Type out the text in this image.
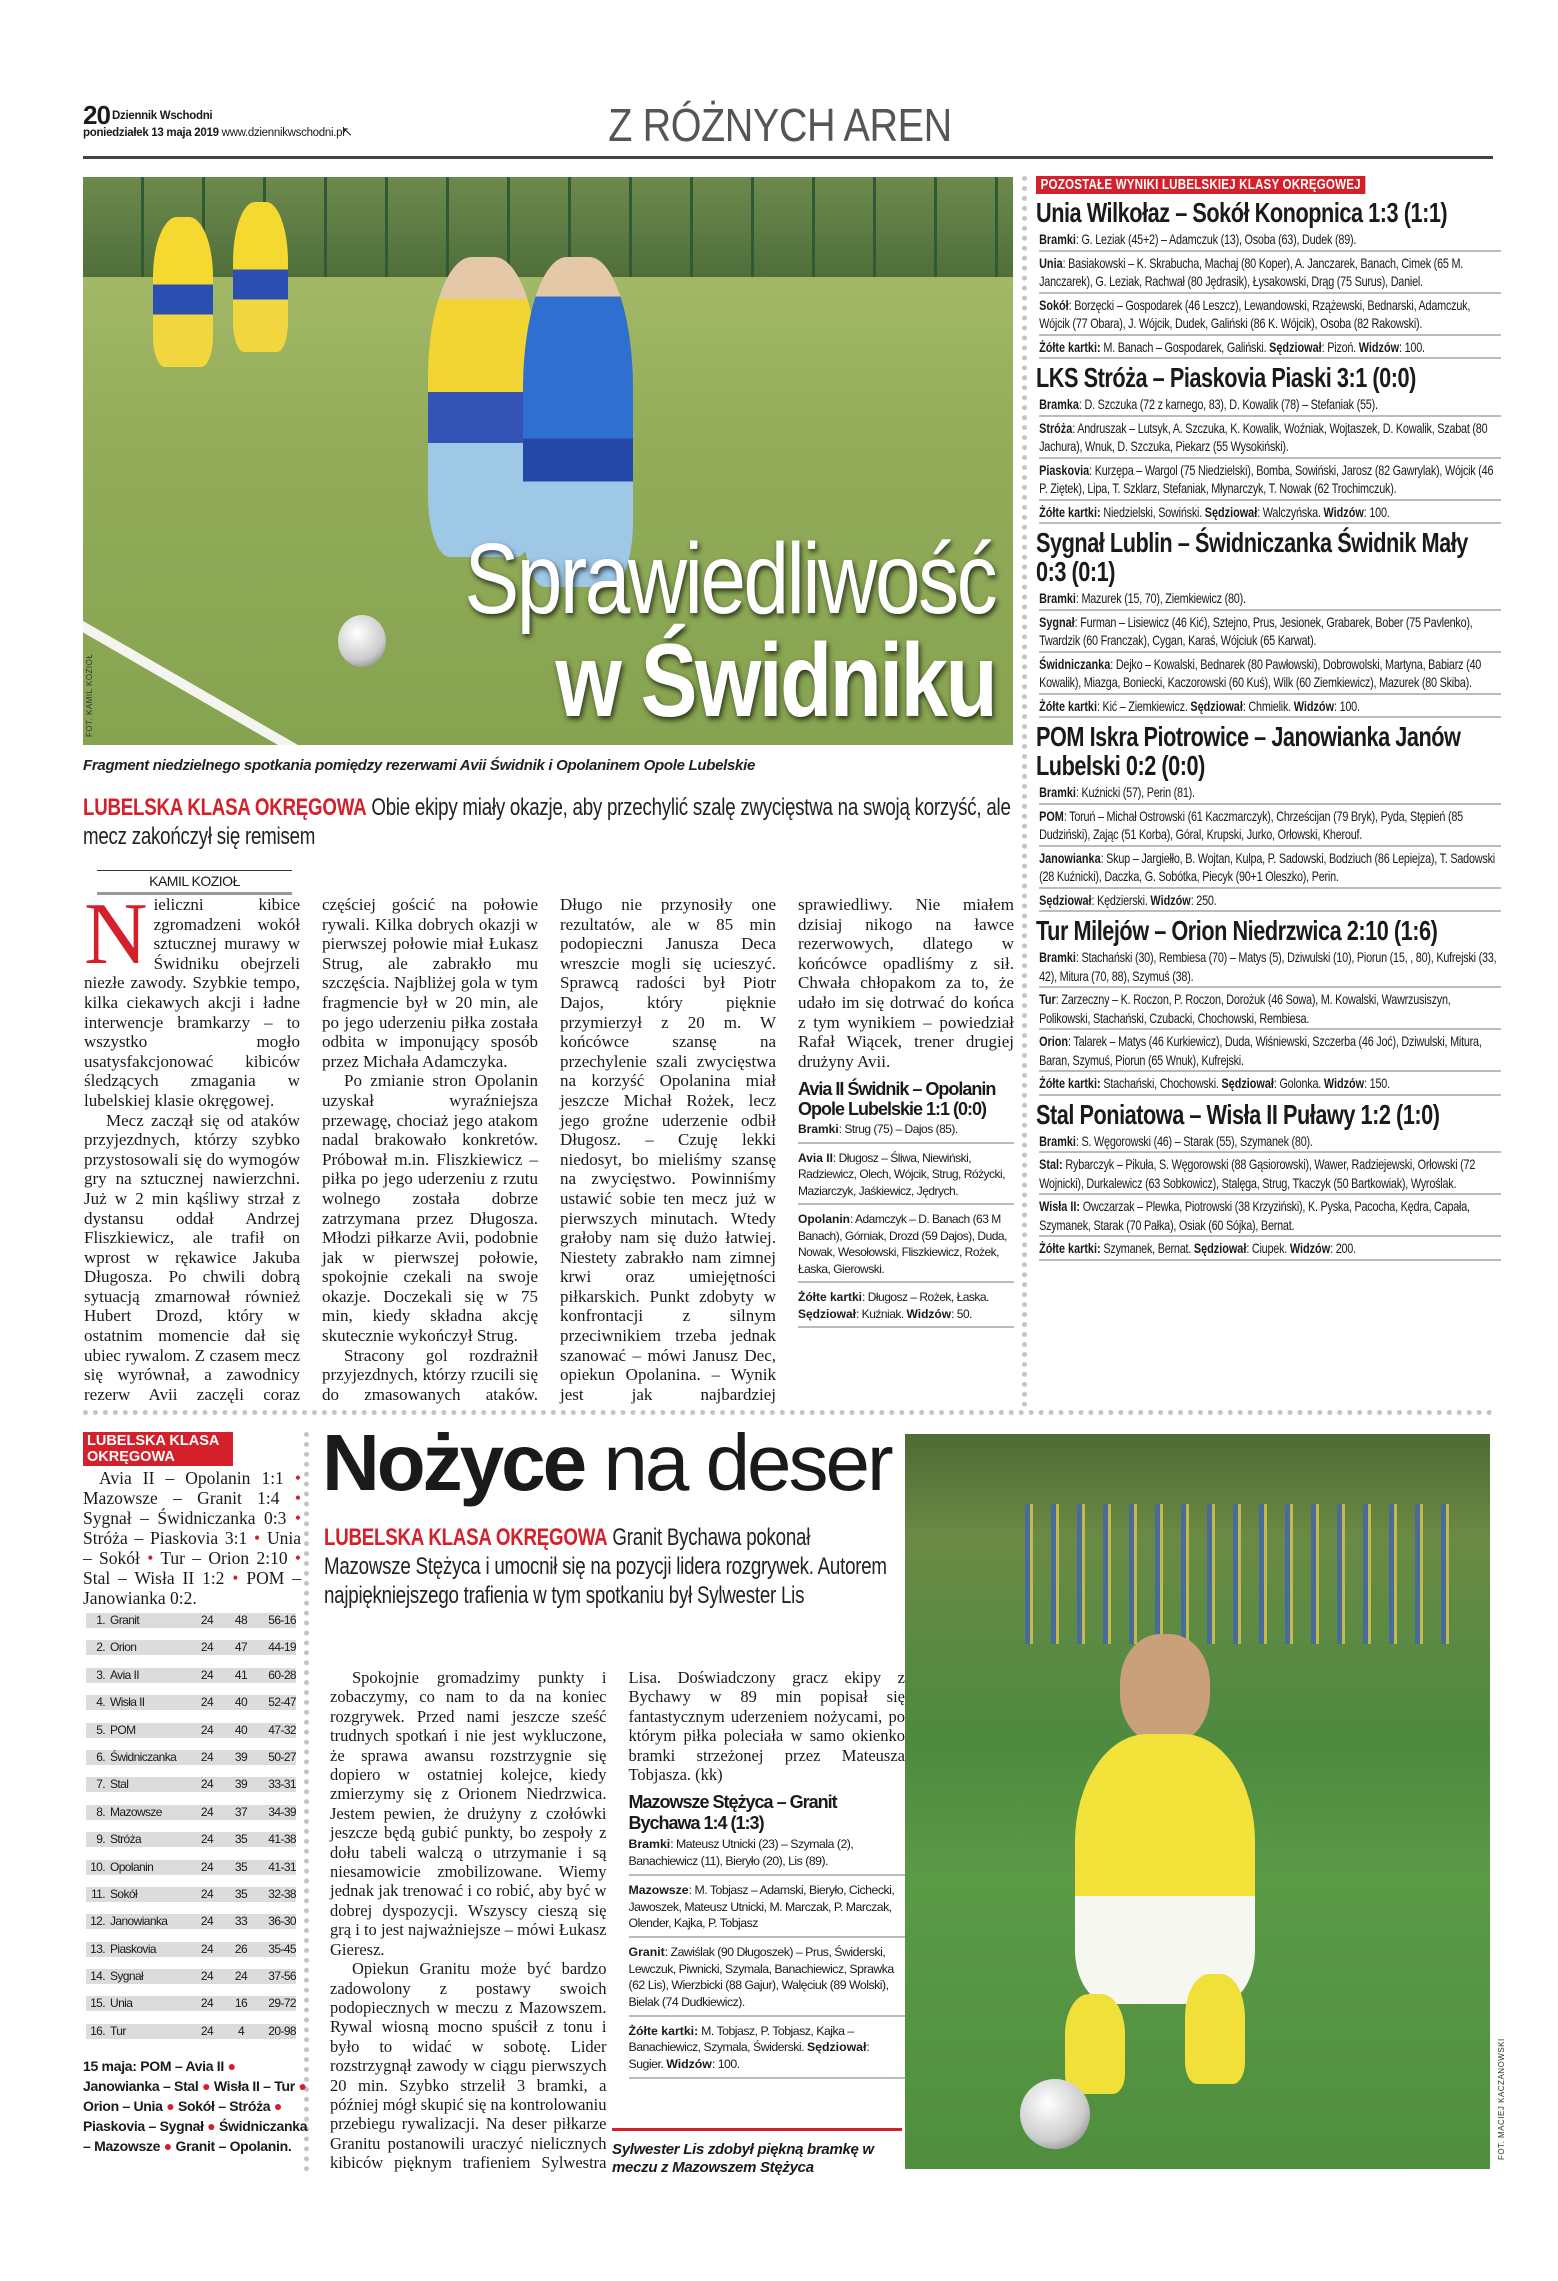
20 Dziennik Wschodni
poniedziałek 13 maja 2019 www.dziennikwschodni.pl
↖	Z RÓŻNYCH AREN
Sprawiedliwość
w Świdniku
FOT. KAMIL KOZIOŁ
Fragment niedzielnego spotkania pomiędzy rezerwami Avii Świdnik i Opolaninem Opole Lubelskie
LUBELSKA KLASA OKRĘGOWA Obie ekipy miały okazje, aby przechylić szalę zwycięstwa na swoją korzyść, ale mecz zakończył się remisem
KAMIL KOZIOŁ

Nieliczni kibice zgromadzeni wokół sztucznej murawy w Świdniku obejrzeli niezłe zawody. Szybkie tempo, kilka ciekawych akcji i ładne interwencje bramkarzy – to wszystko mogło usatysfakcjonować kibiców śledzących zmagania w lubelskiej klasie okręgowej.

Mecz zaczął się od ataków przyjezdnych, którzy szybko przystosowali się do wymogów gry na sztucznej nawierzchni. Już w 2 min kąśliwy strzał z dystansu oddał Andrzej Fliszkiewicz, ale trafił on wprost w rękawice Jakuba Długosza. Po chwili dobrą sytuacją zmarnował również Hubert Drozd, który w ostatnim momencie dał się ubiec rywalom. Z czasem mecz się wyrównał, a zawodnicy rezerw Avii zaczęli coraz częściej gościć na połowie rywali. Kilka dobrych okazji w pierwszej połowie miał Łukasz Strug, ale zabrakło mu szczęścia. Najbliżej gola w tym fragmencie był w 20 min, ale po jego uderzeniu piłka została odbita w imponujący sposób przez Michała Adamczyka.

Po zmianie stron Opolanin uzyskał wyraźniejsza przewagę, chociaż jego atakom nadal brakowało konkretów. Próbował m.in. Fliszkiewicz – piłka po jego uderzeniu z rzutu wolnego została dobrze zatrzymana przez Długosza. Młodzi piłkarze Avii, podobnie jak w pierwszej połowie, spokojnie czekali na swoje okazje. Doczekali się w 75 min, kiedy składna akcję skutecznie wykończył Strug.

Stracony gol rozdrażnił przyjezdnych, którzy rzucili się do zmasowanych ataków. Długo nie przynosiły one rezultatów, ale w 85 min podopieczni Janusza Deca wreszcie mogli się ucieszyć. Sprawcą radości był Piotr Dajos, który pięknie przymierzył z 20 m. W końcówce szansę na przechylenie szali zwycięstwa na korzyść Opolanina miał jeszcze Michał Rożek, lecz jego groźne uderzenie odbił Długosz. – Czuję lekki niedosyt, bo mieliśmy szansę na zwycięstwo. Powinniśmy ustawić sobie ten mecz już w pierwszych minutach. Wtedy grałoby nam się dużo łatwiej. Niestety zabrakło nam zimnej krwi oraz umiejętności piłkarskich. Punkt zdobyty w konfrontacji z silnym przeciwnikiem trzeba jednak szanować – mówi Janusz Dec, opiekun Opolanina. – Wynik jest jak najbardziej sprawiedliwy. Nie miałem dzisiaj nikogo na ławce rezerwowych, dlatego w końcówce opadliśmy z sił. Chwała chłopakom za to, że udało im się dotrwać do końca z tym wynikiem – powiedział Rafał Wiącek, trener drugiej drużyny Avii.

Avia II Świdnik – Opolanin Opole Lubelskie 1:1 (0:0)
Bramki: Strug (75) – Dajos (85).
Avia II: Długosz – Śliwa, Niewiński, Radziewicz, Olech, Wójcik, Strug, Różycki, Maziarczyk, Jaśkiewicz, Jędrych.
Opolanin: Adamczyk – D. Banach (63 M Banach), Górniak, Drozd (59 Dajos), Duda, Nowak, Wesołowski, Fliszkiewicz, Rożek, Łaska, Gierowski.
Żółte kartki: Długosz – Rożek, Łaska. Sędziował: Kuźniak. Widzów: 50.
POZOSTAŁE WYNIKI LUBELSKIEJ KLASY OKRĘGOWEJ
Unia Wilkołaz – Sokół Konopnica 1:3 (1:1)
Bramki: G. Leziak (45+2) – Adamczuk (13), Osoba (63), Dudek (89).
Unia: Basiakowski – K. Skrabucha, Machaj (80 Koper), A. Janczarek, Banach, Cimek (65 M. Janczarek), G. Leziak, Rachwał (80 Jędrasik), Łysakowski, Drąg (75 Surus), Daniel.
Sokół: Borzęcki – Gospodarek (46 Leszcz), Lewandowski, Rzążewski, Bednarski, Adamczuk, Wójcik (77 Obara), J. Wójcik, Dudek, Galiński (86 K. Wójcik), Osoba (82 Rakowski).
Żółte kartki: M. Banach – Gospodarek, Galiński. Sędziował: Pizoń. Widzów: 100.
LKS Stróża – Piaskovia Piaski 3:1 (0:0)
Bramka: D. Szczuka (72 z karnego, 83), D. Kowalik (78) – Stefaniak (55).
Stróża: Andruszak – Lutsyk, A. Szczuka, K. Kowalik, Woźniak, Wojtaszek, D. Kowalik, Szabat (80 Jachura), Wnuk, D. Szczuka, Piekarz (55 Wysokiński).
Piaskovia: Kurzępa – Wargol (75 Niedzielski), Bomba, Sowiński, Jarosz (82 Gawrylak), Wójcik (46 P. Ziętek), Lipa, T. Szklarz, Stefaniak, Młynarczyk, T. Nowak (62 Trochimczuk).
Żółte kartki: Niedzielski, Sowiński. Sędziował: Walczyńska. Widzów: 100.
Sygnał Lublin – Świdniczanka Świdnik Mały 0:3 (0:1)
Bramki: Mazurek (15, 70), Ziemkiewicz (80).
Sygnał: Furman – Lisiewicz (46 Kić), Sztejno, Prus, Jesionek, Grabarek, Bober (75 Pavlenko), Twardzik (60 Franczak), Cygan, Karaś, Wójciuk (65 Karwat).
Świdniczanka: Dejko – Kowalski, Bednarek (80 Pawłowski), Dobrowolski, Martyna, Babiarz (40 Kowalik), Miazga, Boniecki, Kaczorowski (60 Kuś), Wilk (60 Ziemkiewicz), Mazurek (80 Skiba).
Żółte kartki: Kić – Ziemkiewicz. Sędziował: Chmielik. Widzów: 100.
POM Iskra Piotrowice – Janowianka Janów Lubelski 0:2 (0:0)
Bramki: Kuźnicki (57), Perin (81).
POM: Toruń – Michał Ostrowski (61 Kaczmarczyk), Chrześcijan (79 Bryk), Pyda, Stępień (85 Dudziński), Zając (51 Korba), Góral, Krupski, Jurko, Orłowski, Kherouf.
Janowianka: Skup – Jargiełło, B. Wojtan, Kulpa, P. Sadowski, Bodziuch (86 Lepiejza), T. Sadowski (28 Kuźnicki), Daczka, G. Sobótka, Piecyk (90+1 Oleszko), Perin.
Sędziował: Kędzierski. Widzów: 250.
Tur Milejów – Orion Niedrzwica 2:10 (1:6)
Bramki: Stachański (30), Rembiesa (70) – Matys (5), Dziwulski (10), Piorun (15, , 80), Kufrejski (33, 42), Mitura (70, 88), Szymuś (38).
Tur: Zarzeczny – K. Roczon, P. Roczon, Dorożuk (46 Sowa), M. Kowalski, Wawrzusiszyn, Polikowski, Stachański, Czubacki, Chochowski, Rembiesa.
Orion: Talarek – Matys (46 Kurkiewicz), Duda, Wiśniewski, Szczerba (46 Joć), Dziwulski, Mitura, Baran, Szymuś, Piorun (65 Wnuk), Kufrejski.
Żółte kartki: Stachański, Chochowski. Sędziował: Golonka. Widzów: 150.
Stal Poniatowa – Wisła II Puławy 1:2 (1:0)
Bramki: S. Węgorowski (46) – Starak (55), Szymanek (80).
Stal: Rybarczyk – Pikuła, S. Węgorowski (88 Gąsiorowski), Wawer, Radziejewski, Orłowski (72 Wojnicki), Durkalewicz (63 Sobkowicz), Stalęga, Strug, Tkaczyk (50 Bartkowiak), Wyroślak.
Wisła II: Owczarzak – Plewka, Piotrowski (38 Krzyziński), K. Pyska, Pacocha, Kędra, Capała, Szymanek, Starak (70 Pałka), Osiak (60 Sójka), Bernat.
Żółte kartki: Szymanek, Bernat. Sędziował: Ciupek. Widzów: 200.
LUBELSKA KLASA OKRĘGOWA
Avia II – Opolanin 1:1 • Mazowsze – Granit 1:4 • Sygnał – Świdniczanka 0:3 • Stróża – Piaskovia 3:1 • Unia – Sokół • Tur – Orion 2:10 • Stal – Wisła II 1:2 • POM – Janowianka 0:2.
1. Granit	24	48	56-16
2. Orion	24	47	44-19
3. Avia II	24	41	60-28
4. Wisła II	24	40	52-47
5. POM	24	40	47-32
6. Świdniczanka	24	39	50-27
7. Stal	24	39	33-31
8. Mazowsze	24	37	34-39
9. Stróża	24	35	41-38
10. Opolanin	24	35	41-31
11. Sokół	24	35	32-38
12. Janowianka	24	33	36-30
13. Piaskovia	24	26	35-45
14. Sygnał	24	24	37-56
15. Unia	24	16	29-72
16. Tur	24	4	20-98
15 maja: POM – Avia II ● Janowianka – Stal ● Wisła II – Tur ● Orion – Unia ● Sokół – Stróża ● Piaskovia – Sygnał ● Świdniczanka – Mazowsze ● Granit – Opolanin.
Nożyce na deser
LUBELSKA KLASA OKRĘGOWA Granit Bychawa pokonał Mazowsze Stężyca i umocnił się na pozycji lidera rozgrywek. Autorem najpiękniejszego trafienia w tym spotkaniu był Sylwester Lis

Spokojnie gromadzimy punkty i zobaczymy, co nam to da na koniec rozgrywek. Przed nami jeszcze sześć trudnych spotkań i nie jest wykluczone, że sprawa awansu rozstrzygnie się dopiero w ostatniej kolejce, kiedy zmierzymy się z Orionem Niedrzwica. Jestem pewien, że drużyny z czołówki jeszcze będą gubić punkty, bo zespoły z dołu tabeli walczą o utrzymanie i są niesamowicie zmobilizowane. Wiemy jednak jak trenować i co robić, aby być w dobrej dyspozycji. Wszyscy cieszą się grą i to jest najważniejsze – mówi Łukasz Gieresz.

Opiekun Granitu może być bardzo zadowolony z postawy swoich podopiecznych w meczu z Mazowszem. Rywal wiosną mocno spuścił z tonu i było to widać w sobotę. Lider rozstrzygnął zawody w ciągu pierwszych 20 min. Szybko strzelił 3 bramki, a później mógł skupić się na kontrolowaniu przebiegu rywalizacji. Na deser piłkarze Granitu postanowili uraczyć nielicznych kibiców pięknym trafieniem Sylwestra Lisa. Doświadczony gracz ekipy z Bychawy w 89 min popisał się fantastycznym uderzeniem nożycami, po którym piłka poleciała w samo okienko bramki strzeżonej przez Mateusza Tobjasza. (kk)

Mazowsze Stężyca – Granit Bychawa 1:4 (1:3)
Bramki: Mateusz Utnicki (23) – Szymala (2), Banachiewicz (11), Bieryło (20), Lis (89).
Mazowsze: M. Tobjasz – Adamski, Bieryło, Cichecki, Jawoszek, Mateusz Utnicki, M. Marczak, P. Marczak, Olender, Kajka, P. Tobjasz
Granit: Zawiślak (90 Długoszek) – Prus, Świderski, Lewczuk, Piwnicki, Szymala, Banachiewicz, Sprawka (62 Lis), Wierzbicki (88 Gajur), Walęciuk (89 Wolski), Bielak (74 Dudkiewicz).
Żółte kartki: M. Tobjasz, P. Tobjasz, Kajka – Banachiewicz, Szymala, Świderski. Sędziował: Sugier. Widzów: 100.
Sylwester Lis zdobył piękną bramkę w meczu z Mazowszem Stężyca
FOT. MACIEJ KACZANOWSKI
